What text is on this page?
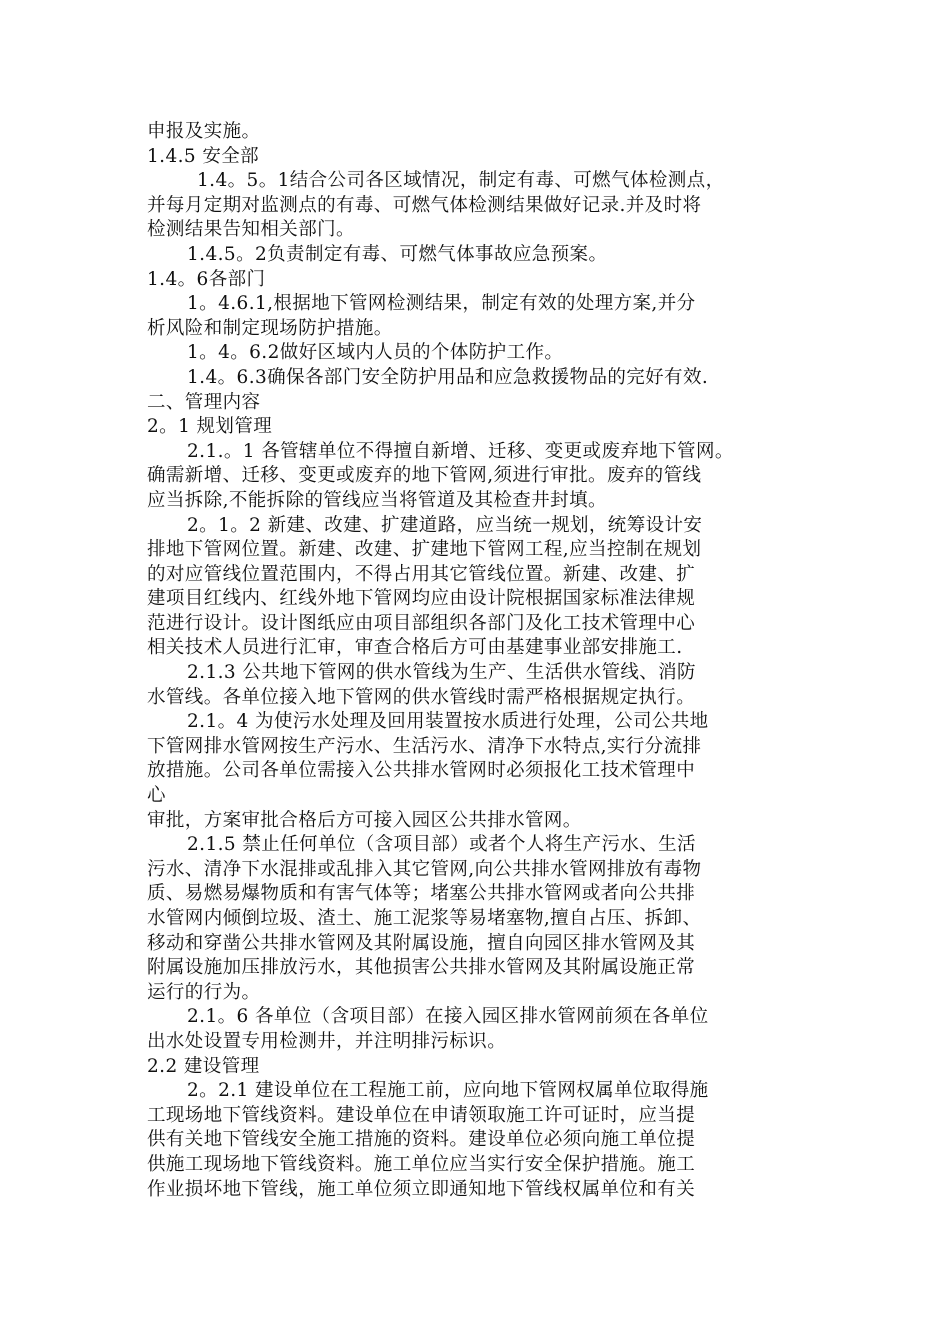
申报及实施。

1.4.5 安全部

1.4。5。1结合公司各区域情况，制定有毒、可燃气体检测点，

并每月定期对监测点的有毒、可燃气体检测结果做好记录.并及时将

检测结果告知相关部门。

1.4.5。2负责制定有毒、可燃气体事故应急预案。

1.4。6各部门

1。4.6.1,根据地下管网检测结果，制定有效的处理方案,并分

析风险和制定现场防护措施。

1。4。6.2做好区域内人员的个体防护工作。

1.4。6.3确保各部门安全防护用品和应急救援物品的完好有效.

二、管理内容

2。1 规划管理

2.1.。1 各管辖单位不得擅自新增、迁移、变更或废弃地下管网。

确需新增、迁移、变更或废弃的地下管网,须进行审批。废弃的管线

应当拆除,不能拆除的管线应当将管道及其检查井封填。

2。1。2 新建、改建、扩建道路，应当统一规划，统筹设计安

排地下管网位置。新建、改建、扩建地下管网工程,应当控制在规划

的对应管线位置范围内，不得占用其它管线位置。新建、改建、扩

建项目红线内、红线外地下管网均应由设计院根据国家标准法律规

范进行设计。设计图纸应由项目部组织各部门及化工技术管理中心

相关技术人员进行汇审，审查合格后方可由基建事业部安排施工.

2.1.3 公共地下管网的供水管线为生产、生活供水管线、消防

水管线。各单位接入地下管网的供水管线时需严格根据规定执行。

2.1。4 为使污水处理及回用装置按水质进行处理，公司公共地

下管网排水管网按生产污水、生活污水、清净下水特点,实行分流排

放措施。公司各单位需接入公共排水管网时必须报化工技术管理中

心

审批，方案审批合格后方可接入园区公共排水管网。

2.1.5 禁止任何单位（含项目部）或者个人将生产污水、生活

污水、清净下水混排或乱排入其它管网,向公共排水管网排放有毒物

质、易燃易爆物质和有害气体等；堵塞公共排水管网或者向公共排

水管网内倾倒垃圾、渣土、施工泥浆等易堵塞物,擅自占压、拆卸、

移动和穿凿公共排水管网及其附属设施，擅自向园区排水管网及其

附属设施加压排放污水，其他损害公共排水管网及其附属设施正常

运行的行为。

2.1。6 各单位（含项目部）在接入园区排水管网前须在各单位

出水处设置专用检测井，并注明排污标识。

2.2 建设管理

2。2.1 建设单位在工程施工前，应向地下管网权属单位取得施

工现场地下管线资料。建设单位在申请领取施工许可证时，应当提

供有关地下管线安全施工措施的资料。建设单位必须向施工单位提

供施工现场地下管线资料。施工单位应当实行安全保护措施。施工

作业损坏地下管线，施工单位须立即通知地下管线权属单位和有关
